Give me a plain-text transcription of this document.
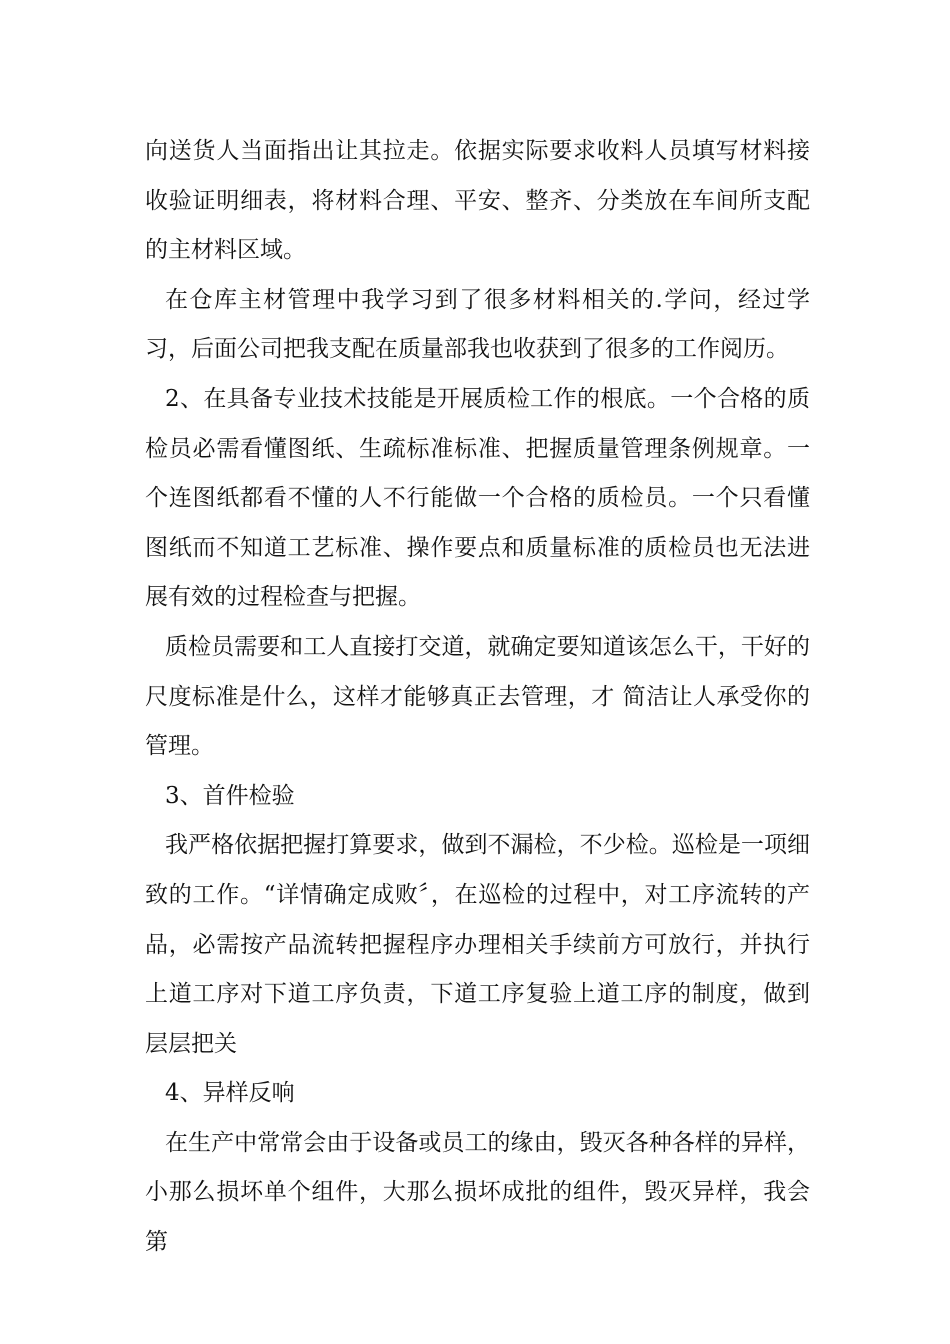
向送货人当面指出让其拉走。依据实际要求收料人员填写材料接收验证明细表，将材料合理、平安、整齐、分类放在车间所支配的主材料区域。

在仓库主材管理中我学习到了很多材料相关的.学问，经过学习，后面公司把我支配在质量部我也收获到了很多的工作阅历。

2、在具备专业技术技能是开展质检工作的根底。一个合格的质检员必需看懂图纸、生疏标准标准、把握质量管理条例规章。一个连图纸都看不懂的人不行能做一个合格的质检员。一个只看懂图纸而不知道工艺标准、操作要点和质量标准的质检员也无法进展有效的过程检查与把握。

质检员需要和工人直接打交道，就确定要知道该怎么干，干好的尺度标准是什么，这样才能够真正去管理，才 简洁让人承受你的管理。

3、首件检验

我严格依据把握打算要求，做到不漏检，不少检。巡检是一项细致的工作。“详情确定成败〞，在巡检的过程中，对工序流转的产品，必需按产品流转把握程序办理相关手续前方可放行，并执行上道工序对下道工序负责，下道工序复验上道工序的制度，做到层层把关

4、异样反响

在生产中常常会由于设备或员工的缘由，毁灭各种各样的异样，小那么损坏单个组件，大那么损坏成批的组件，毁灭异样，我会第
